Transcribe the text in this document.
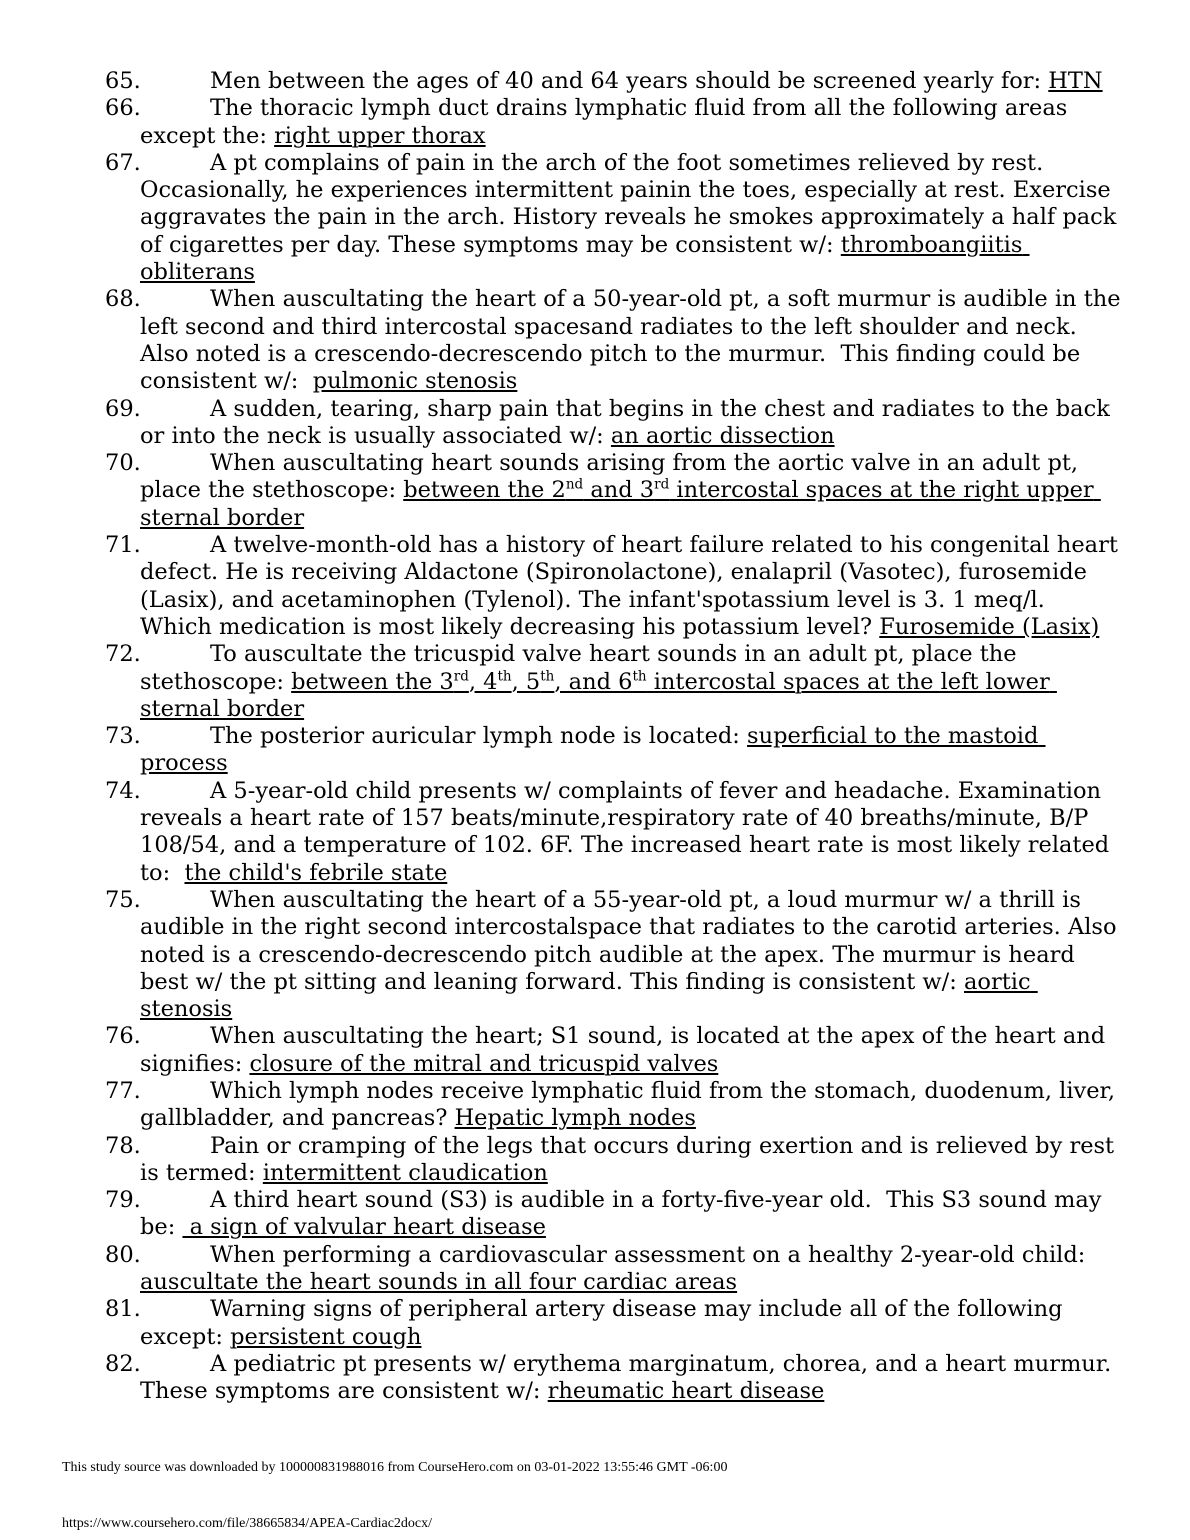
65.	Men between the ages of 40 and 64 years should be screened yearly for: HTN
66.	The thoracic lymph duct drains lymphatic fluid from all the following areas except the: right upper thorax
67.	A pt complains of pain in the arch of the foot sometimes relieved by rest. Occasionally, he experiences intermittent painin the toes, especially at rest. Exercise aggravates the pain in the arch. History reveals he smokes approximately a half pack of cigarettes per day. These symptoms may be consistent w/: thromboangiitis obliterans
68.	When auscultating the heart of a 50-year-old pt, a soft murmur is audible in the left second and third intercostal spacesand radiates to the left shoulder and neck.  Also noted is a crescendo-decrescendo pitch to the murmur.  This finding could be consistent w/:  pulmonic stenosis
69.	A sudden, tearing, sharp pain that begins in the chest and radiates to the back or into the neck is usually associated w/: an aortic dissection
70.	When auscultating heart sounds arising from the aortic valve in an adult pt, place the stethoscope: between the 2nd and 3rd intercostal spaces at the right upper sternal border
71.	A twelve-month-old has a history of heart failure related to his congenital heart defect. He is receiving Aldactone (Spironolactone), enalapril (Vasotec), furosemide (Lasix), and acetaminophen (Tylenol). The infant'spotassium level is 3. 1 meq/l.  Which medication is most likely decreasing his potassium level? Furosemide (Lasix)
72.	To auscultate the tricuspid valve heart sounds in an adult pt, place the stethoscope: between the 3rd, 4th, 5th, and 6th intercostal spaces at the left lower sternal border
73.	The posterior auricular lymph node is located: superficial to the mastoid process
74.	A 5-year-old child presents w/ complaints of fever and headache. Examination reveals a heart rate of 157 beats/minute,respiratory rate of 40 breaths/minute, B/P 108/54, and a temperature of 102. 6F. The increased heart rate is most likely related to:  the child's febrile state
75.	When auscultating the heart of a 55-year-old pt, a loud murmur w/ a thrill is audible in the right second intercostalspace that radiates to the carotid arteries. Also noted is a crescendo-decrescendo pitch audible at the apex. The murmur is heard best w/ the pt sitting and leaning forward. This finding is consistent w/: aortic stenosis
76.	When auscultating the heart; S1 sound, is located at the apex of the heart and signifies: closure of the mitral and tricuspid valves
77.	Which lymph nodes receive lymphatic fluid from the stomach, duodenum, liver, gallbladder, and pancreas? Hepatic lymph nodes
78.	Pain or cramping of the legs that occurs during exertion and is relieved by rest is termed: intermittent claudication
79.	A third heart sound (S3) is audible in a forty-five-year old.  This S3 sound may be:  a sign of valvular heart disease
80.	When performing a cardiovascular assessment on a healthy 2-year-old child: auscultate the heart sounds in all four cardiac areas
81.	Warning signs of peripheral artery disease may include all of the following except: persistent cough
82.	A pediatric pt presents w/ erythema marginatum, chorea, and a heart murmur.  These symptoms are consistent w/: rheumatic heart disease
This study source was downloaded by 100000831988016 from CourseHero.com on 03-01-2022 13:55:46 GMT -06:00
https://www.coursehero.com/file/38665834/APEA-Cardiac2docx/
